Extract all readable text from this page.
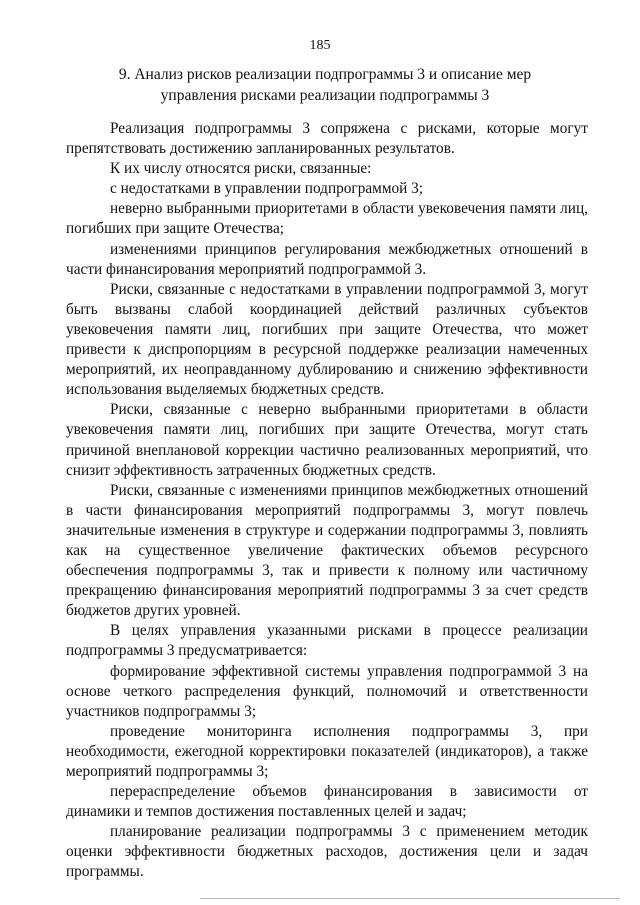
185
9. Анализ рисков реализации подпрограммы 3 и описание мер
управления рисками реализации подпрограммы 3

Реализация подпрограммы 3 сопряжена с рисками, которые могут препятствовать достижению запланированных результатов.

К их числу относятся риски, связанные:

с недостатками в управлении подпрограммой 3;

неверно выбранными приоритетами в области увековечения памяти лиц, погибших при защите Отечества;

изменениями принципов регулирования межбюджетных отношений в части финансирования мероприятий подпрограммой 3.

Риски, связанные с недостатками в управлении подпрограммой 3, могут быть вызваны слабой координацией действий различных субъектов увековечения памяти лиц, погибших при защите Отечества, что может привести к диспропорциям в ресурсной поддержке реализации намеченных мероприятий, их неоправданному дублированию и снижению эффективности использования выделяемых бюджетных средств.

Риски, связанные с неверно выбранными приоритетами в области увековечения памяти лиц, погибших при защите Отечества, могут стать причиной внеплановой коррекции частично реализованных мероприятий, что снизит эффективность затраченных бюджетных средств.

Риски, связанные с изменениями принципов межбюджетных отношений в части финансирования мероприятий подпрограммы 3, могут повлечь значительные изменения в структуре и содержании подпрограммы 3, повлиять как на существенное увеличение фактических объемов ресурсного обеспечения подпрограммы 3, так и привести к полному или частичному прекращению финансирования мероприятий подпрограммы 3 за счет средств бюджетов других уровней.

В целях управления указанными рисками в процессе реализации подпрограммы 3 предусматривается:

формирование эффективной системы управления подпрограммой 3 на основе четкого распределения функций, полномочий и ответственности участников подпрограммы 3;

проведение мониторинга исполнения подпрограммы 3, при необходимости, ежегодной корректировки показателей (индикаторов), а также мероприятий подпрограммы 3;

перераспределение объемов финансирования в зависимости от динамики и темпов достижения поставленных целей и задач;

планирование реализации подпрограммы 3 с применением методик оценки эффективности бюджетных расходов, достижения цели и задач программы.
